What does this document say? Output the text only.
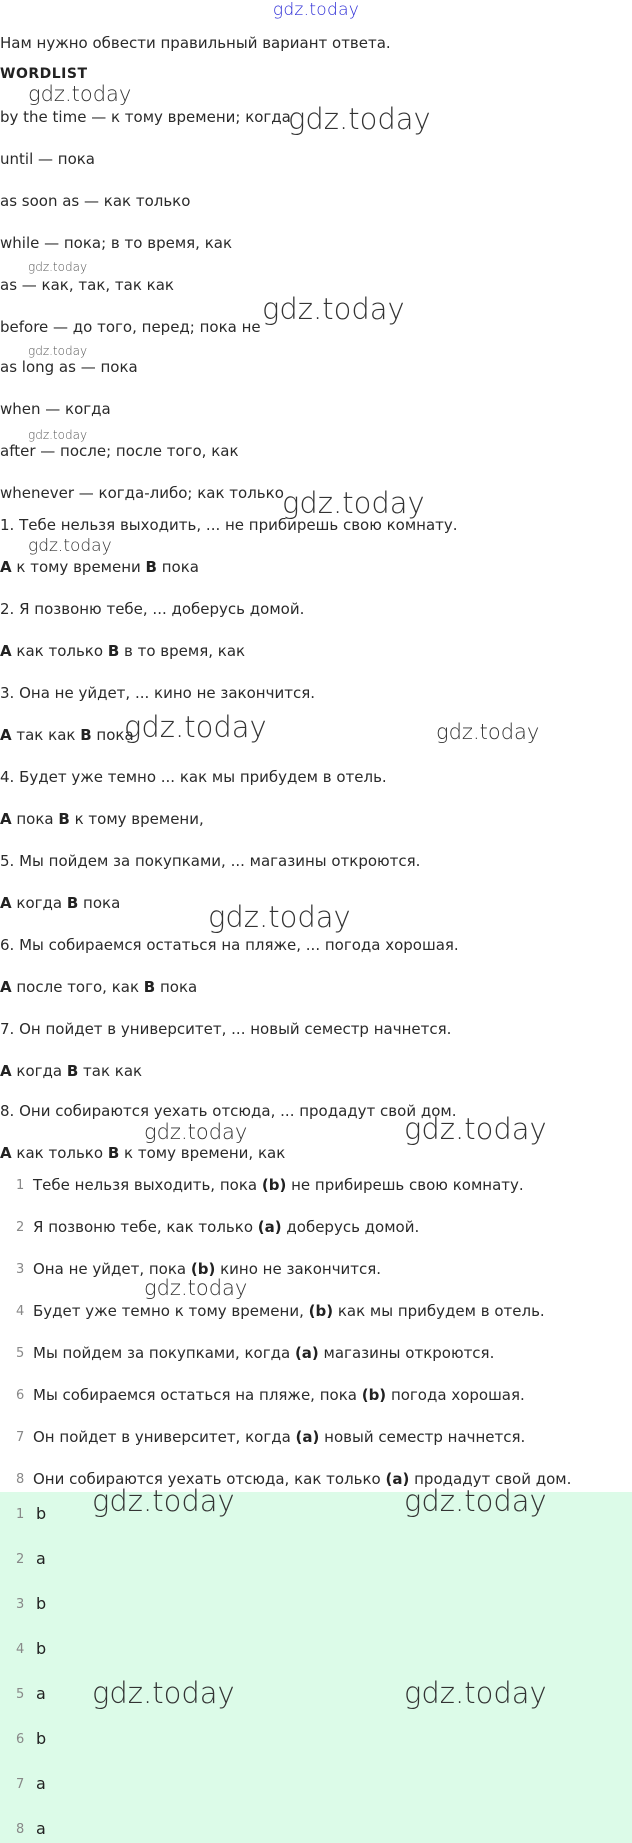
gdz.today
Нам нужно обвести правильный вариант ответа.
WORDLIST
by the time — к тому времени; когда
until — пока
as soon as — как только
while — пока; в то время, как
as — как, так, так как
before — до того, перед; пока не
as long as — пока
when — когда
after — после; после того, как
whenever — когда-либо; как только
1. Тебе нельзя выходить, ... не прибирешь свою комнату.
A к тому времени B пока
2. Я позвоню тебе, ... доберусь домой.
A как только B в то время, как
3. Она не уйдет, ... кино не закончится.
A так как B пока
4. Будет уже темно ... как мы прибудем в отель.
A пока B к тому времени,
5. Мы пойдем за покупками, ... магазины откроются.
A когда B пока
6. Мы собираемся остаться на пляже, ... погода хорошая.
A после того, как B пока
7. Он пойдет в университет, ... новый семестр начнется.
A когда B так как
8. Они собираются уехать отсюда, ... продадут свой дом.
A как только B к тому времени, как
1 Тебе нельзя выходить, пока (b) не прибирешь свою комнату.
2 Я позвоню тебе, как только (a) доберусь домой.
3 Она не уйдет, пока (b) кино не закончится.
4 Будет уже темно к тому времени, (b) как мы прибудем в отель.
5 Мы пойдем за покупками, когда (a) магазины откроются.
6 Мы собираемся остаться на пляже, пока (b) погода хорошая.
7 Он пойдет в университет, когда (a) новый семестр начнется.
8 Они собираются уехать отсюда, как только (a) продадут свой дом.
1 b
2 a
3 b
4 b
5 a
6 b
7 a
8 a
gdz.today
gdz.today
gdz.today
gdz.today
gdz.today
gdz.today
gdz.today
gdz.today
gdz.today	gdz.today
gdz.today
gdz.today	gdz.today
gdz.today
gdz.today	gdz.today
gdz.today	gdz.today
